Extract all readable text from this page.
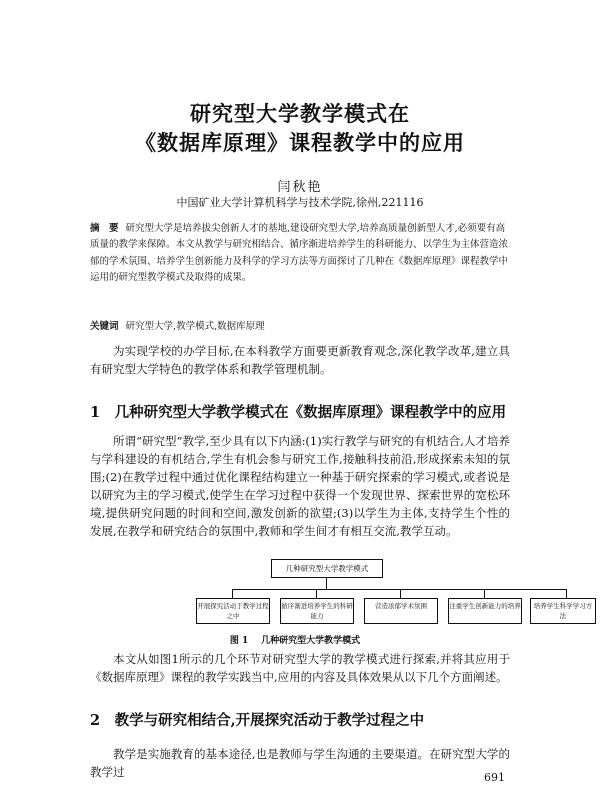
研究型大学教学模式在
《数据库原理》课程教学中的应用
闫秋艳
中国矿业大学计算机科学与技术学院,徐州,221116
摘　要 研究型大学是培养拔尖创新人才的基地,建设研究型大学,培养高质量创新型人才,必须要有高质量的教学来保障。本文从教学与研究相结合、循序渐进培养学生的科研能力、以学生为主体营造浓郁的学术氛围、培养学生创新能力及科学的学习方法等方面探讨了几种在《数据库原理》课程教学中运用的研究型教学模式及取得的成果。
关键词 研究型大学,教学模式,数据库原理
为实现学校的办学目标,在本科教学方面要更新教育观念,深化教学改革,建立具有研究型大学特色的教学体系和教学管理机制。
1　几种研究型大学教学模式在《数据库原理》课程教学中的应用
所谓“研究型”教学,至少具有以下内涵:(1)实行教学与研究的有机结合,人才培养与学科建设的有机结合,学生有机会参与研究工作,接触科技前沿,形成探索未知的氛围;(2)在教学过程中通过优化课程结构建立一种基于研究探索的学习模式,或者说是以研究为主的学习模式,使学生在学习过程中获得一个发现世界、探索世界的宽松环境,提供研究问题的时间和空间,激发创新的欲望;(3)以学生为主体,支持学生个性的发展,在教学和研究结合的氛围中,教师和学生间才有相互交流,教学互动。
几种研究型大学教学模式
开展探究活动于教学过程之中
循序渐进培养学生的科研能力
营造浓郁学术氛围	注重学生创新能力的培养	培养学生科学学习方法
图 1 几种研究型大学教学模式
本文从如图1所示的几个环节对研究型大学的教学模式进行探索,并将其应用于《数据库原理》课程的教学实践当中,应用的内容及具体效果从以下几个方面阐述。
2　教学与研究相结合,开展探究活动于教学过程之中
教学是实施教育的基本途径,也是教师与学生沟通的主要渠道。在研究型大学的教学过	691
